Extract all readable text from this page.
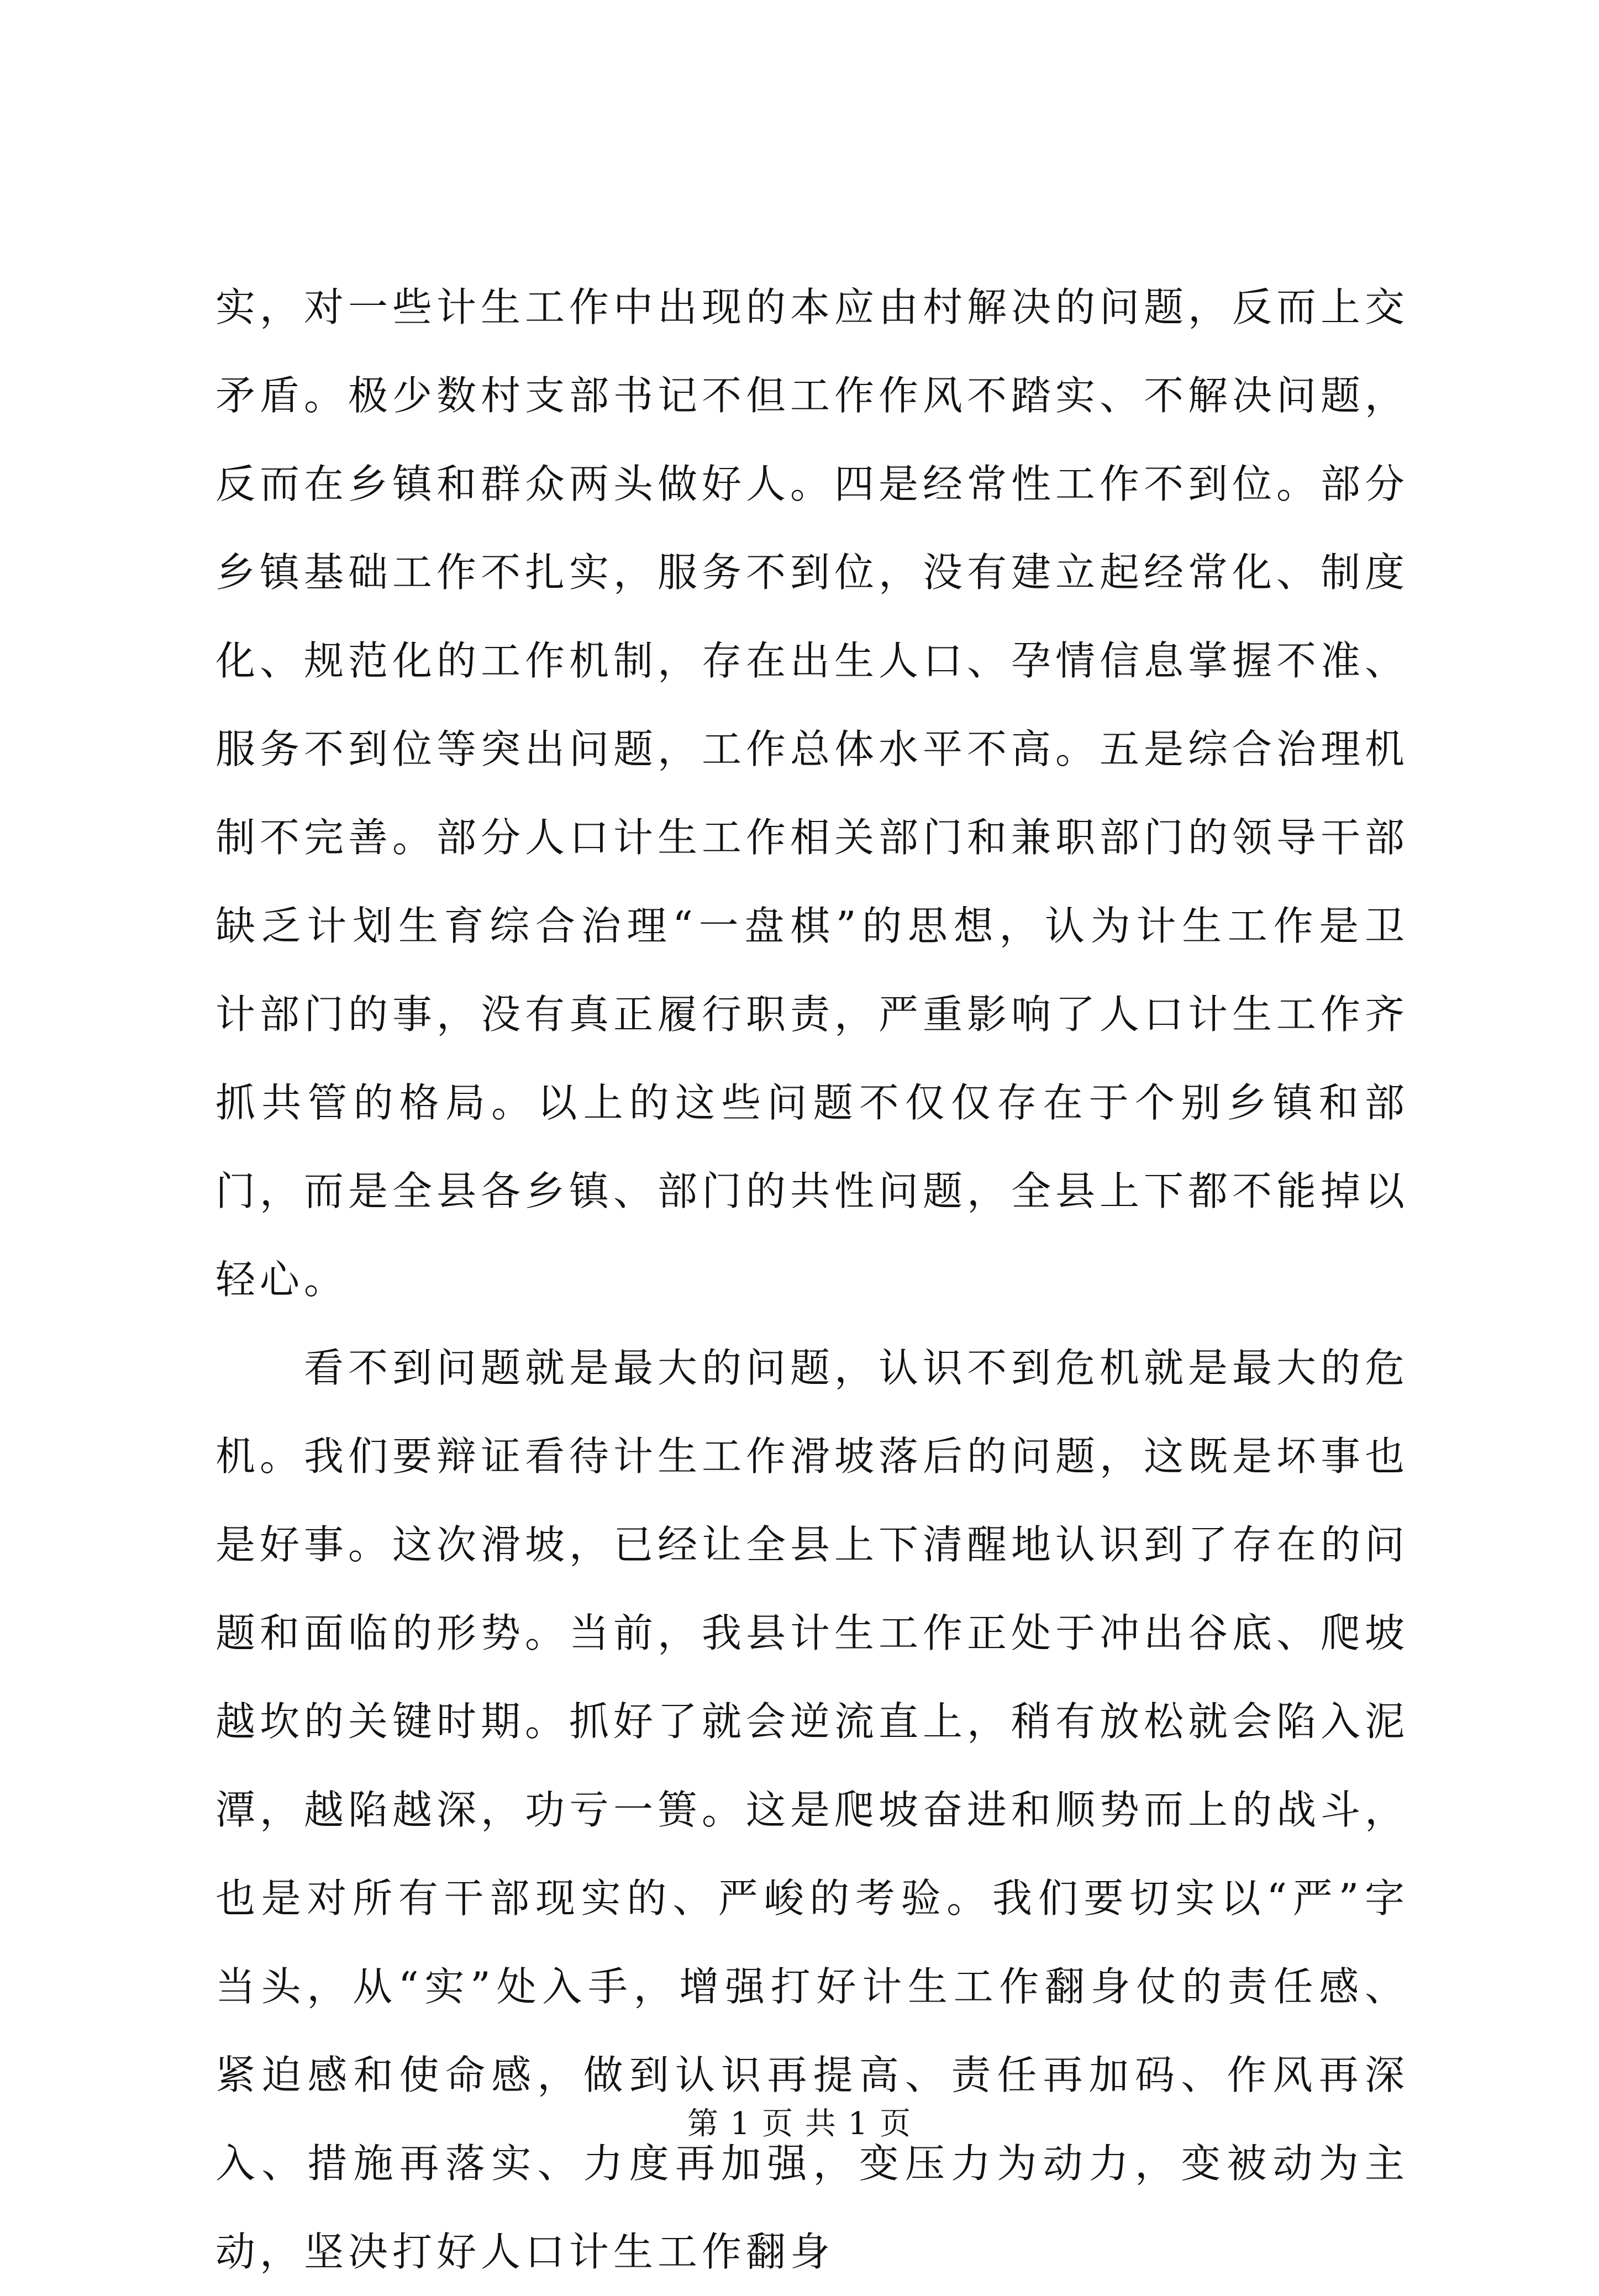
实，对一些计生工作中出现的本应由村解决的问题，反而上交矛盾。极少数村支部书记不但工作作风不踏实、不解决问题，反而在乡镇和群众两头做好人。四是经常性工作不到位。部分乡镇基础工作不扎实，服务不到位，没有建立起经常化、制度化、规范化的工作机制，存在出生人口、孕情信息掌握不准、服务不到位等突出问题，工作总体水平不高。五是综合治理机制不完善。部分人口计生工作相关部门和兼职部门的领导干部缺乏计划生育综合治理“一盘棋”的思想，认为计生工作是卫计部门的事，没有真正履行职责，严重影响了人口计生工作齐抓共管的格局。以上的这些问题不仅仅存在于个别乡镇和部门，而是全县各乡镇、部门的共性问题，全县上下都不能掉以轻心。

看不到问题就是最大的问题，认识不到危机就是最大的危机。我们要辩证看待计生工作滑坡落后的问题，这既是坏事也是好事。这次滑坡，已经让全县上下清醒地认识到了存在的问题和面临的形势。当前，我县计生工作正处于冲出谷底、爬坡越坎的关键时期。抓好了就会逆流直上，稍有放松就会陷入泥潭，越陷越深，功亏一篑。这是爬坡奋进和顺势而上的战斗，也是对所有干部现实的、严峻的考验。我们要切实以“严”字当头，从“实”处入手，增强打好计生工作翻身仗的责任感、紧迫感和使命感，做到认识再提高、责任再加码、作风再深入、措施再落实、力度再加强，变压力为动力，变被动为主动，坚决打好人口计生工作翻身

第 1 页 共 1 页
